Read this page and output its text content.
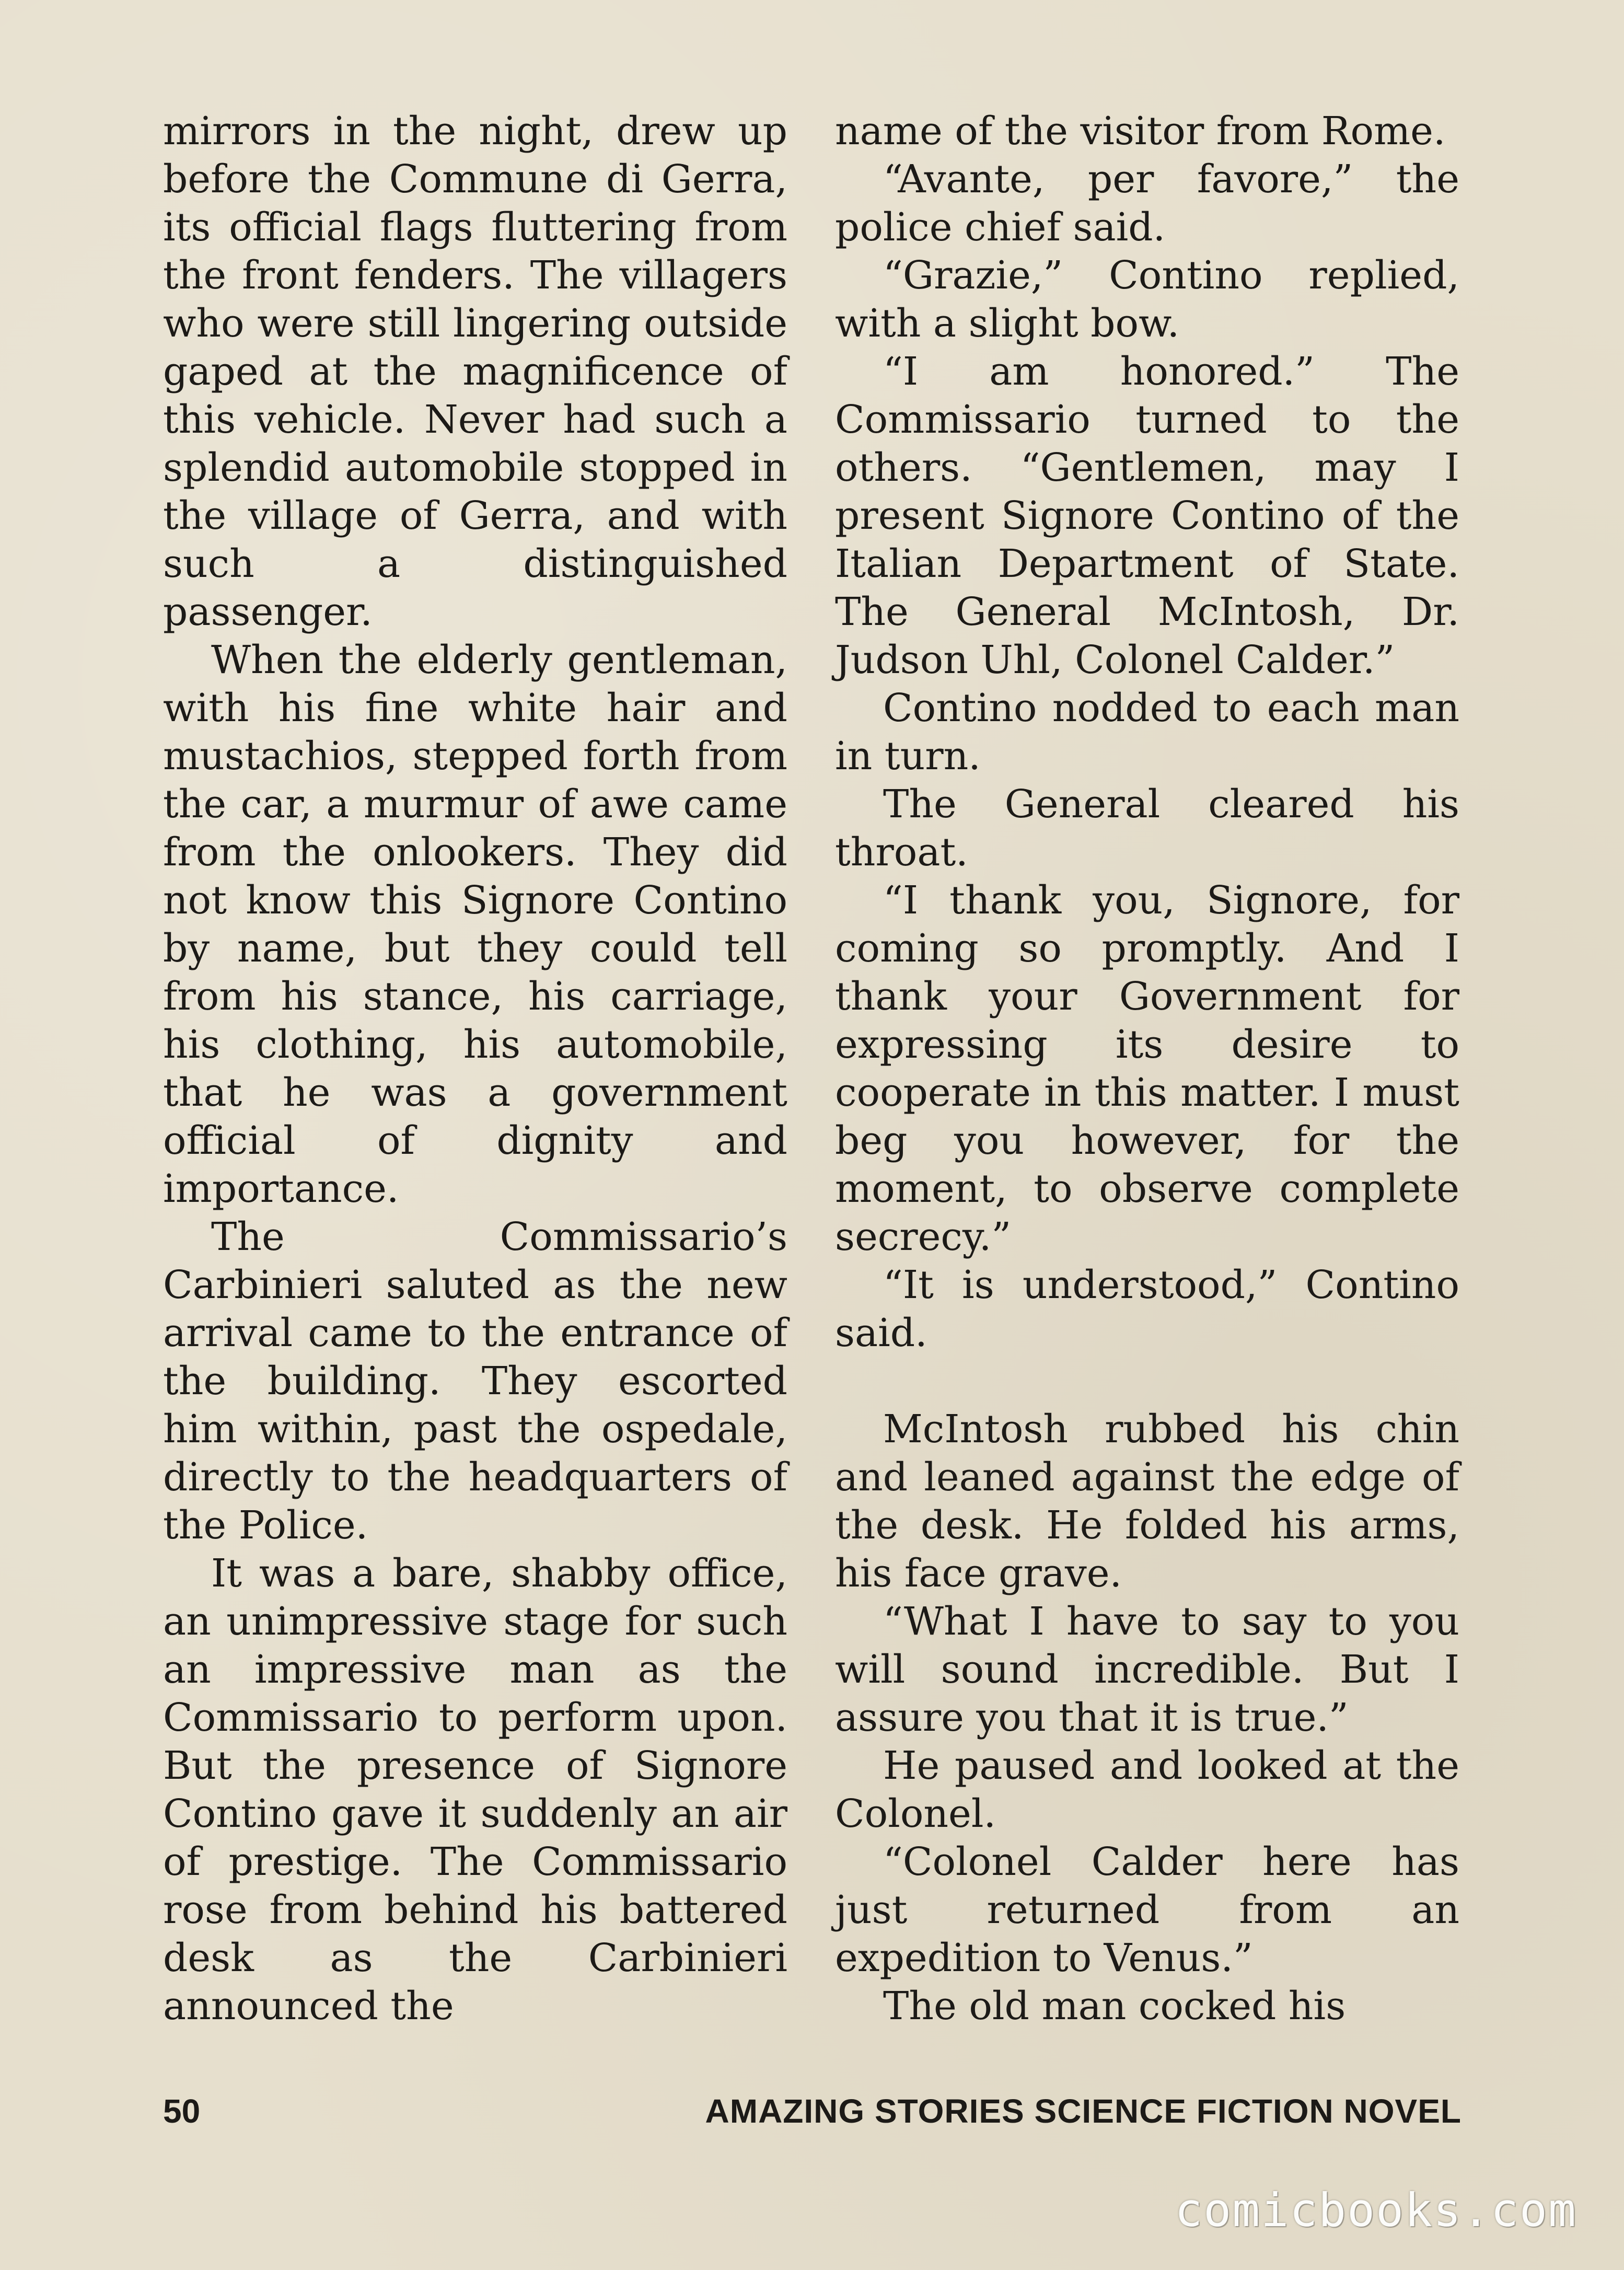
mirrors in the night, drew up before the Commune di Gerra, its official flags fluttering from the front fenders. The villagers who were still lingering outside gaped at the magnificence of this vehicle. Never had such a splendid automobile stopped in the village of Gerra, and with such a distinguished passenger.

When the elderly gentleman, with his fine white hair and mustachios, stepped forth from the car, a murmur of awe came from the onlookers. They did not know this Signore Contino by name, but they could tell from his stance, his carriage, his clothing, his automobile, that he was a government official of dignity and importance.

The Commissario’s Carbinieri saluted as the new arrival came to the entrance of the building. They escorted him within, past the ospedale, directly to the headquarters of the Police.

It was a bare, shabby office, an unimpressive stage for such an impressive man as the Commissario to perform upon. But the presence of Signore Contino gave it suddenly an air of prestige. The Commissario rose from behind his battered desk as the Carbinieri announced the

name of the visitor from Rome.

“Avante, per favore,” the police chief said.

“Grazie,” Contino replied, with a slight bow.

“I am honored.” The Commissario turned to the others. “Gentlemen, may I present Signore Contino of the Italian Department of State. The General McIntosh, Dr. Judson Uhl, Colonel Calder.”

Contino nodded to each man in turn.

The General cleared his throat.

“I thank you, Signore, for coming so promptly. And I thank your Government for expressing its desire to cooperate in this matter. I must beg you however, for the moment, to observe complete secrecy.”

“It is understood,” Contino said.

McIntosh rubbed his chin and leaned against the edge of the desk. He folded his arms, his face grave.

“What I have to say to you will sound incredible. But I assure you that it is true.”

He paused and looked at the Colonel.

“Colonel Calder here has just returned from an expedition to Venus.”

The old man cocked his

50	AMAZING STORIES SCIENCE FICTION NOVEL
comicbooks.com
